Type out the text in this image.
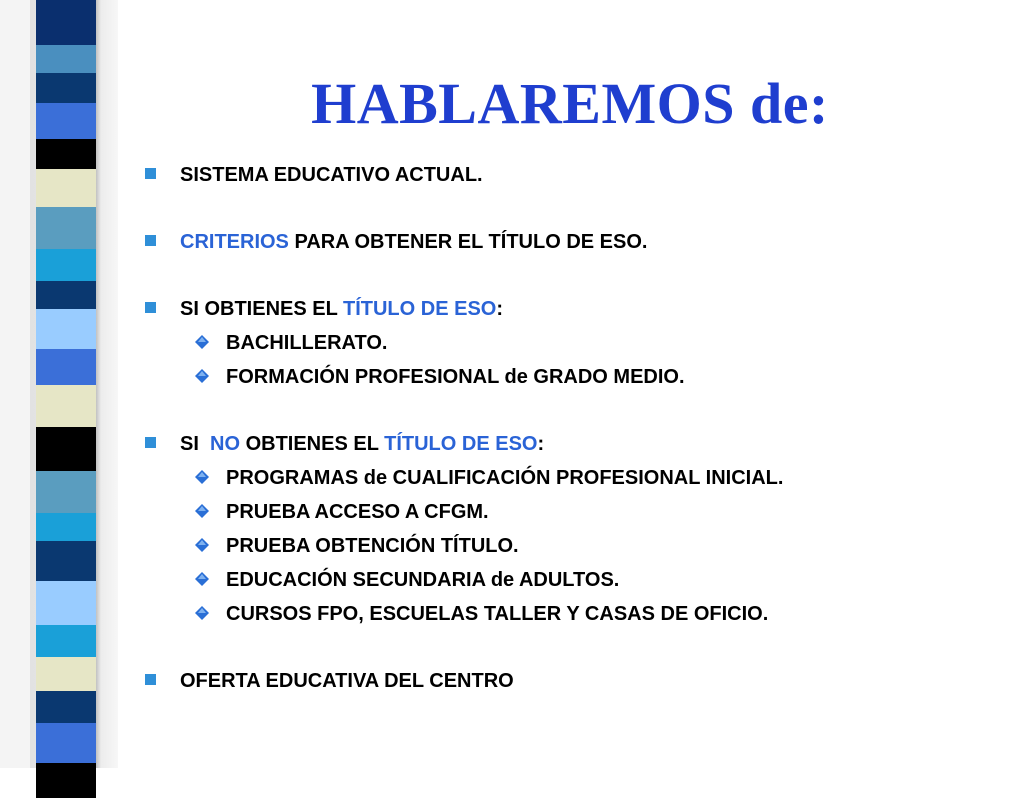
HABLAREMOS de:
SISTEMA EDUCATIVO ACTUAL.
CRITERIOS PARA OBTENER EL TÍTULO DE ESO.
SI OBTIENES EL TÍTULO DE ESO:
BACHILLERATO.
FORMACIÓN PROFESIONAL de GRADO MEDIO.
SI  NO OBTIENES EL TÍTULO DE ESO:
PROGRAMAS de CUALIFICACIÓN PROFESIONAL INICIAL.
PRUEBA ACCESO A CFGM.
PRUEBA OBTENCIÓN TÍTULO.
EDUCACIÓN SECUNDARIA de ADULTOS.
CURSOS FPO, ESCUELAS TALLER Y CASAS DE OFICIO.
OFERTA EDUCATIVA DEL CENTRO
